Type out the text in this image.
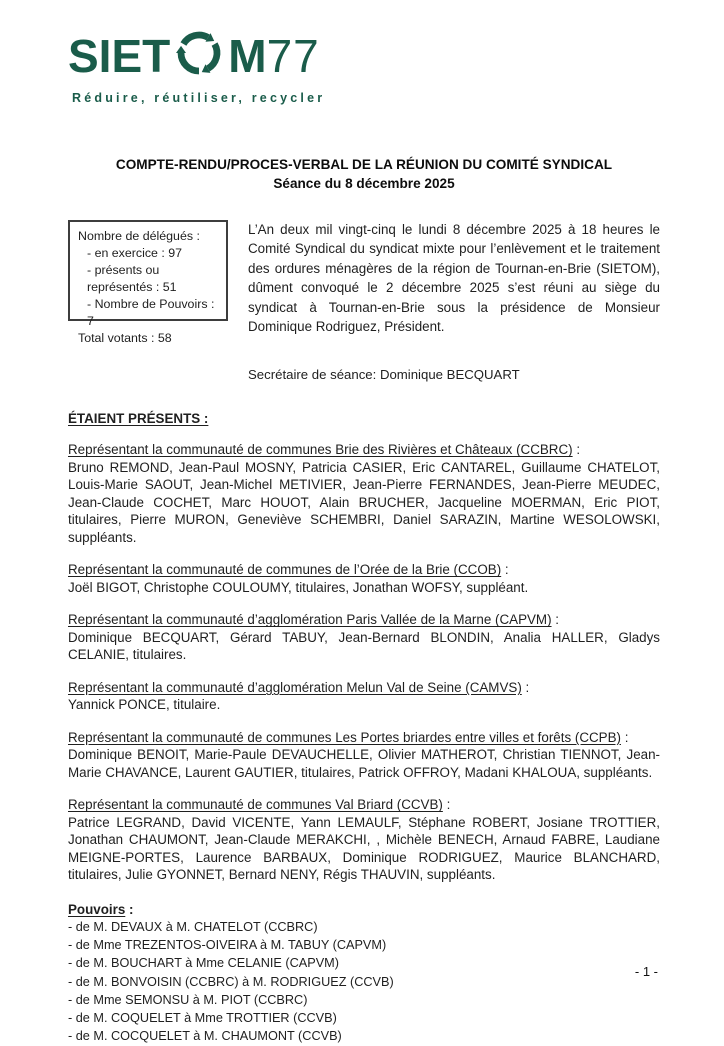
SIET M 77
Réduire, réutiliser, recycler
COMPTE-RENDU/PROCES-VERBAL DE LA RÉUNION DU COMITÉ SYNDICAL
Séance du 8 décembre 2025
Nombre de délégués :
- en exercice : 97
- présents ou représentés : 51
- Nombre de Pouvoirs : 7
Total votants : 58
L’An deux mil vingt-cinq le lundi 8 décembre 2025 à 18 heures le Comité Syndical du syndicat mixte pour l’enlèvement et le traitement des ordures ménagères de la région de Tournan-en-Brie (SIETOM), dûment convoqué le 2 décembre 2025 s’est réuni au siège du syndicat à Tournan-en-Brie sous la présidence de Monsieur Dominique Rodriguez, Président.
Secrétaire de séance: Dominique BECQUART
ÉTAIENT PRÉSENTS :
Représentant la communauté de communes Brie des Rivières et Châteaux (CCBRC) :
Bruno REMOND, Jean-Paul MOSNY, Patricia CASIER, Eric CANTAREL, Guillaume CHATELOT, Louis-Marie SAOUT, Jean-Michel METIVIER, Jean-Pierre FERNANDES, Jean-Pierre MEUDEC, Jean-Claude COCHET, Marc HOUOT, Alain BRUCHER, Jacqueline MOERMAN, Eric PIOT, titulaires, Pierre MURON, Geneviève SCHEMBRI, Daniel SARAZIN, Martine WESOLOWSKI, suppléants.
Représentant la communauté de communes de l’Orée de la Brie (CCOB) :
Joël BIGOT, Christophe COULOUMY, titulaires, Jonathan WOFSY, suppléant.
Représentant la communauté d’agglomération Paris Vallée de la Marne (CAPVM) :
Dominique BECQUART, Gérard TABUY, Jean-Bernard BLONDIN, Analia HALLER, Gladys CELANIE, titulaires.
Représentant la communauté d’agglomération Melun Val de Seine (CAMVS) :
Yannick PONCE, titulaire.
Représentant la communauté de communes Les Portes briardes entre villes et forêts (CCPB) :
Dominique BENOIT, Marie-Paule DEVAUCHELLE, Olivier MATHEROT, Christian TIENNOT, Jean-Marie CHAVANCE, Laurent GAUTIER, titulaires, Patrick OFFROY, Madani KHALOUA, suppléants.
Représentant la communauté de communes Val Briard (CCVB) :
Patrice LEGRAND, David VICENTE, Yann LEMAULF, Stéphane ROBERT, Josiane TROTTIER, Jonathan CHAUMONT, Jean-Claude MERAKCHI, , Michèle BENECH, Arnaud FABRE, Laudiane MEIGNE-PORTES, Laurence BARBAUX, Dominique RODRIGUEZ, Maurice BLANCHARD, titulaires, Julie GYONNET, Bernard NENY, Régis THAUVIN, suppléants.
Pouvoirs :
- de M. DEVAUX à M. CHATELOT (CCBRC)
- de Mme TREZENTOS-OIVEIRA à M. TABUY (CAPVM)
- de M. BOUCHART à Mme CELANIE (CAPVM)
- de M. BONVOISIN (CCBRC) à M. RODRIGUEZ (CCVB)
- de Mme SEMONSU à M. PIOT (CCBRC)
- de M. COQUELET à Mme TROTTIER (CCVB)
- de M. COCQUELET à M. CHAUMONT (CCVB)
- 1 -
